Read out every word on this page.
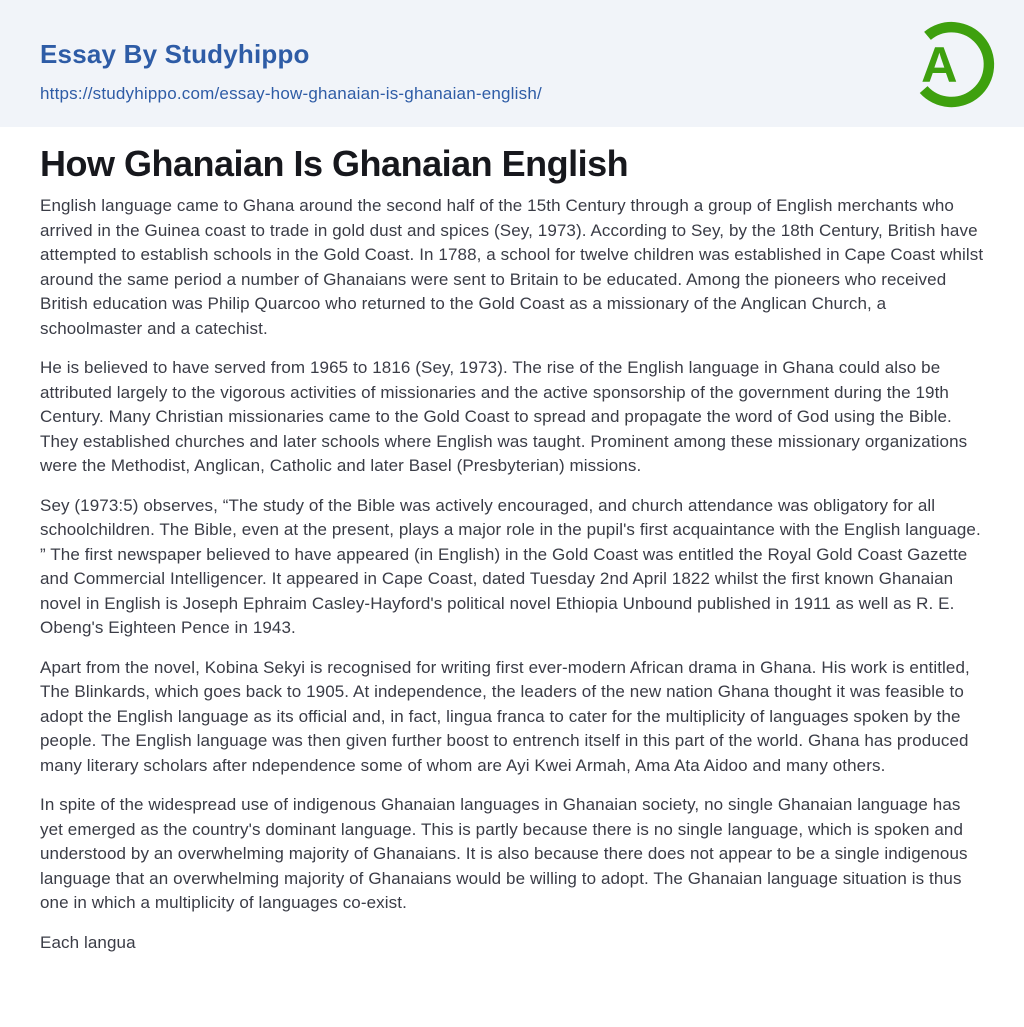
Essay By Studyhippo
https://studyhippo.com/essay-how-ghanaian-is-ghanaian-english/
A
How Ghanaian Is Ghanaian English

English language came to Ghana around the second half of the 15th Century through a group of English merchants who arrived in the Guinea coast to trade in gold dust and spices (Sey, 1973). According to Sey, by the 18th Century, British have attempted to establish schools in the Gold Coast. In 1788, a school for twelve children was established in Cape Coast whilst around the same period a number of Ghanaians were sent to Britain to be educated. Among the pioneers who received British education was Philip Quarcoo who returned to the Gold Coast as a missionary of the Anglican Church, a schoolmaster and a catechist.

He is believed to have served from 1965 to 1816 (Sey, 1973). The rise of the English language in Ghana could also be attributed largely to the vigorous activities of missionaries and the active sponsorship of the government during the 19th Century. Many Christian missionaries came to the Gold Coast to spread and propagate the word of God using the Bible. They established churches and later schools where English was taught. Prominent among these missionary organizations were the Methodist, Anglican, Catholic and later Basel (Presbyterian) missions.

Sey (1973:5) observes, “The study of the Bible was actively encouraged, and church attendance was obligatory for all schoolchildren. The Bible, even at the present, plays a major role in the pupil's first acquaintance with the English language. ” The first newspaper believed to have appeared (in English) in the Gold Coast was entitled the Royal Gold Coast Gazette and Commercial Intelligencer. It appeared in Cape Coast, dated Tuesday 2nd April 1822 whilst the first known Ghanaian novel in English is Joseph Ephraim Casley-Hayford's political novel Ethiopia Unbound published in 1911 as well as R. E. Obeng's Eighteen Pence in 1943.

Apart from the novel, Kobina Sekyi is recognised for writing first ever-modern African drama in Ghana. His work is entitled, The Blinkards, which goes back to 1905. At independence, the leaders of the new nation Ghana thought it was feasible to adopt the English language as its official and, in fact, lingua franca to cater for the multiplicity of languages spoken by the people. The English language was then given further boost to entrench itself in this part of the world. Ghana has produced many literary scholars after ndependence some of whom are Ayi Kwei Armah, Ama Ata Aidoo and many others.

In spite of the widespread use of indigenous Ghanaian languages in Ghanaian society, no single Ghanaian language has yet emerged as the country's dominant language. This is partly because there is no single language, which is spoken and understood by an overwhelming majority of Ghanaians. It is also because there does not appear to be a single indigenous language that an overwhelming majority of Ghanaians would be willing to adopt. The Ghanaian language situation is thus one in which a multiplicity of languages co-exist.

Each langua
